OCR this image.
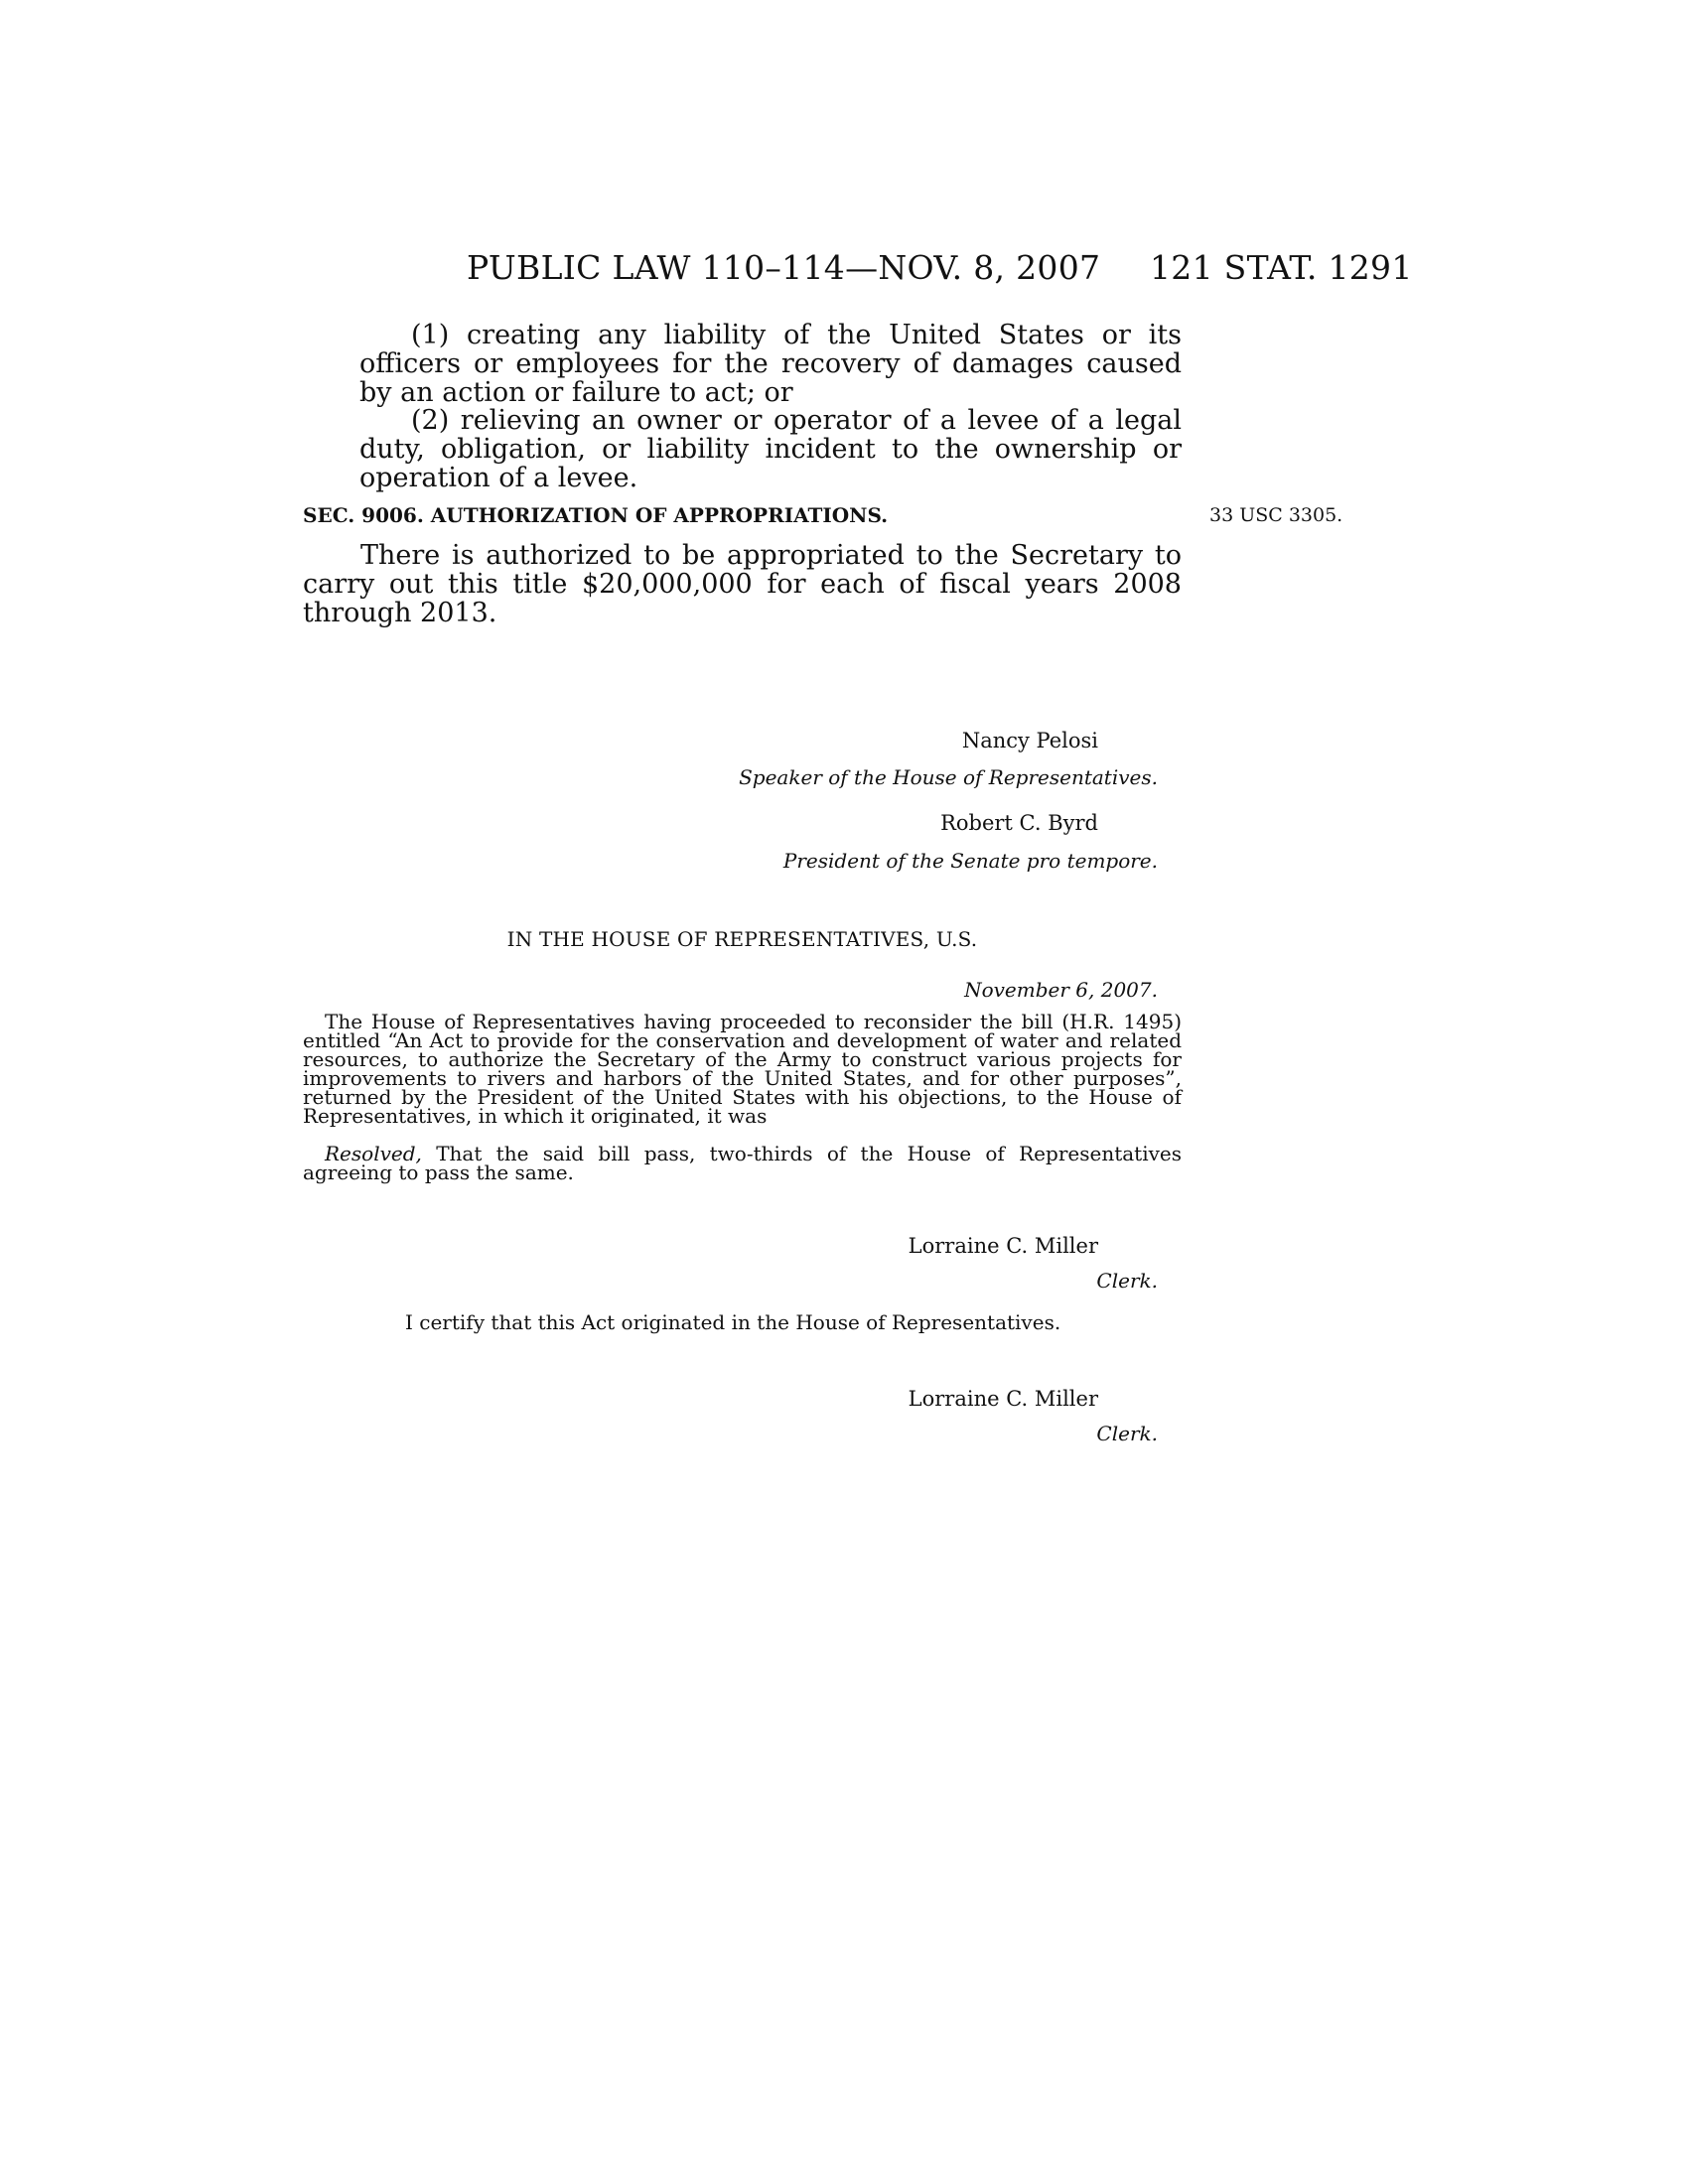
PUBLIC LAW 110–114—NOV. 8, 2007 121 STAT. 1291

(1) creating any liability of the United States or its officers or employees for the recovery of damages caused by an action or failure to act; or

(2) relieving an owner or operator of a levee of a legal duty, obligation, or liability incident to the ownership or operation of a levee.

SEC. 9006. AUTHORIZATION OF APPROPRIATIONS.	33 USC 3305.

There is authorized to be appropriated to the Secretary to carry out this title $20,000,000 for each of fiscal years 2008 through 2013.

Nancy Pelosi
Speaker of the House of Representatives.
Robert C. Byrd
President of the Senate pro tempore.
IN THE HOUSE OF REPRESENTATIVES, U.S.
November 6, 2007.

The House of Representatives having proceeded to reconsider the bill (H.R. 1495) entitled “An Act to provide for the conservation and development of water and related resources, to authorize the Secretary of the Army to construct various projects for improvements to rivers and harbors of the United States, and for other purposes”, returned by the President of the United States with his objections, to the House of Representatives, in which it originated, it was

Resolved, That the said bill pass, two-thirds of the House of Representatives agreeing to pass the same.

Lorraine C. Miller
Clerk.
I certify that this Act originated in the House of Representatives.
Lorraine C. Miller
Clerk.
